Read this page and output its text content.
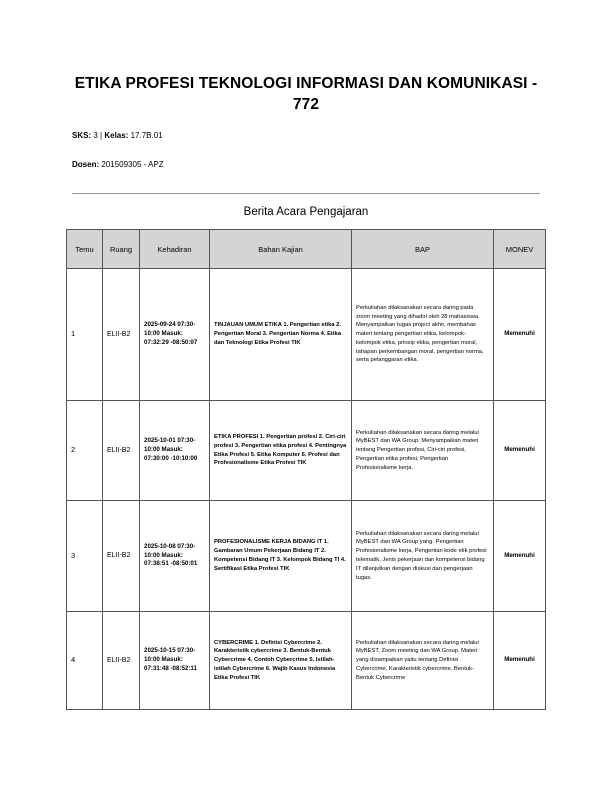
ETIKA PROFESI TEKNOLOGI INFORMASI DAN KOMUNIKASI - 772
SKS: 3 | Kelas: 17.7B.01
Dosen: 201509305 - APZ
Berita Acara Pengajaran
Temu	Ruang	Kehadiran	Bahan Kajian	BAP	MONEV
1	ELII-B2	2025-09-24 07:30-10:00 Masuk: 07:32:29 -08:50:07	TINJAUAN UMUM ETIKA 1. Pengertian etika 2. Pengertian Moral 3. Pengertian Norma 4. Etika dan Teknologi Etika Profesi TIK	Perkuliahan dilaksanakan secara daring pada zoom meeting yang dihadiri oleh 28 mahasiswa. Menyampaikan tugas project akhir, membahas materi tentang pengertian etika, kelompok-kelompok etika, prinsip etika, pengertian moral, tahapan perkembangan moral, pengertian norma, serta pelanggaran etika.	Memenuhi
2	ELII-B2	2025-10-01 07:30-10:00 Masuk: 07:30:00 -10:10:00	ETIKA PROFESI 1. Pengertian profesi 2. Ciri-ciri profesi 3. Pengertian etika profesi 4. Pentingnya Etika Profesi 5. Etika Komputer 6. Profesi dan Profesionalisme Etika Profesi TIK	Perkuliahan dilaksanakan secara daring melalui MyBEST dan WA Group. Menyampaikan materi tentang Pengertian profesi, Ciri-ciri profesi, Pengertian etika profesi, Pengertian Profesionalisme kerja.	Memenuhi
3	ELII-B2	2025-10-08 07:30-10:00 Masuk: 07:38:51 -08:50:01	PROFESIONALISME KERJA BIDANG IT 1. Gambaran Umum Pekerjaan Bidang IT 2. Kompetensi Bidang IT 3. Kelompok Bidang TI 4. Sertifikasi Etika Profesi TIK	Perkuliahan dilaksanakan secara daring melalui MyBEST dan WA Group yang. Pengertian Profesionalisme kerja, Pengertian kode etik profesi telematik, Jenis pekerjaan dan kompetensi bidang IT dilanjutkan dengan diskusi dan pengerjaan tugas.	Memenuhi
4	ELII-B2	2025-10-15 07:30-10:00 Masuk: 07:31:48 -08:52:11	CYBERCRIME 1. Definisi Cybercrime 2. Karakteristik cybercrime 3. Bentuk-Bentuk Cybercrime 4. Contoh Cybercrime 5. Istilah-istilah Cybercrime 6. Wajib Kasus Indonesia Etika Profesi TIK	Perkuliahan dilaksanakan secara daring melalui MyBEST, Zoom meeting dan WA Group. Materi yang disampaikan yaitu tentang Definisi Cybercrime, Karakteristik cybercrime, Bentuk-Bentuk Cybercrime	Memenuhi
